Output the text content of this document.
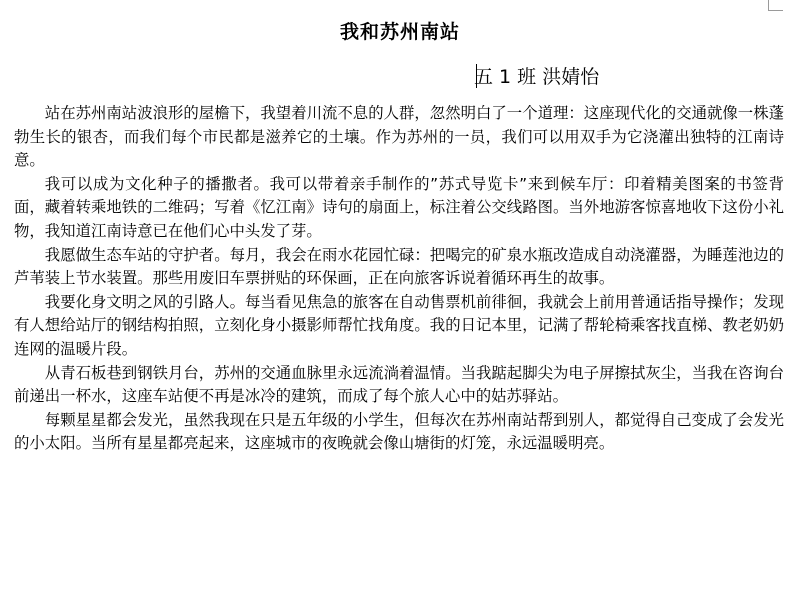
我和苏州南站
五 1 班 洪婧怡

站在苏州南站波浪形的屋檐下，我望着川流不息的人群，忽然明白了一个道理：这座现代化的交通就像一株蓬勃生长的银杏，而我们每个市民都是滋养它的土壤。作为苏州的一员，我们可以用双手为它浇灌出独特的江南诗意。

我可以成为文化种子的播撒者。我可以带着亲手制作的”苏式导览卡”来到候车厅：印着精美图案的书签背面，藏着转乘地铁的二维码；写着《忆江南》诗句的扇面上，标注着公交线路图。当外地游客惊喜地收下这份小礼物，我知道江南诗意已在他们心中头发了芽。

我愿做生态车站的守护者。每月，我会在雨水花园忙碌：把喝完的矿泉水瓶改造成自动浇灌器，为睡莲池边的芦苇装上节水装置。那些用废旧车票拼贴的环保画，正在向旅客诉说着循环再生的故事。

我要化身文明之风的引路人。每当看见焦急的旅客在自动售票机前徘徊，我就会上前用普通话指导操作；发现有人想给站厅的钢结构拍照，立刻化身小摄影师帮忙找角度。我的日记本里，记满了帮轮椅乘客找直梯、教老奶奶连网的温暖片段。

从青石板巷到钢铁月台，苏州的交通血脉里永远流淌着温情。当我踮起脚尖为电子屏擦拭灰尘，当我在咨询台前递出一杯水，这座车站便不再是冰冷的建筑，而成了每个旅人心中的姑苏驿站。

每颗星星都会发光，虽然我现在只是五年级的小学生，但每次在苏州南站帮到别人，都觉得自己变成了会发光的小太阳。当所有星星都亮起来，这座城市的夜晚就会像山塘街的灯笼，永远温暖明亮。
